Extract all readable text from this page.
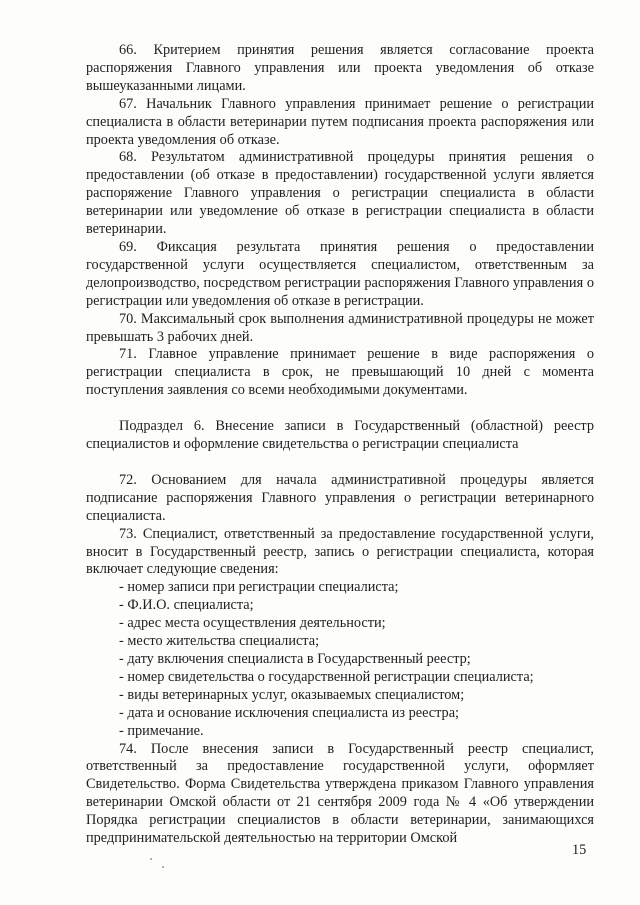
66. Критерием принятия решения является согласование проекта распоряжения Главного управления или проекта уведомления об отказе вышеуказанными лицами.

67. Начальник Главного управления принимает решение о регистрации специалиста в области ветеринарии путем подписания проекта распоряжения или проекта уведомления об отказе.

68. Результатом административной процедуры принятия решения о предоставлении (об отказе в предоставлении) государственной услуги является распоряжение Главного управления о регистрации специалиста в области ветеринарии или уведомление об отказе в регистрации специалиста в области ветеринарии.

69. Фиксация результата принятия решения о предоставлении государственной услуги осуществляется специалистом, ответственным за делопроизводство, посредством регистрации распоряжения Главного управления о регистрации или уведомления об отказе в регистрации.

70. Максимальный срок выполнения административной процедуры не может превышать 3 рабочих дней.

71. Главное управление принимает решение в виде распоряжения о регистрации специалиста в срок, не превышающий 10 дней с момента поступления заявления со всеми необходимыми документами.

Подраздел 6. Внесение записи в Государственный (областной) реестр специалистов и оформление свидетельства о регистрации специалиста

72. Основанием для начала административной процедуры является подписание распоряжения Главного управления о регистрации ветеринарного специалиста.

73. Специалист, ответственный за предоставление государственной услуги, вносит в Государственный реестр, запись о регистрации специалиста, которая включает следующие сведения:

- номер записи при регистрации специалиста;

- Ф.И.О. специалиста;

- адрес места осуществления деятельности;

- место жительства специалиста;

- дату включения специалиста в Государственный реестр;

- номер свидетельства о государственной регистрации специалиста;

- виды ветеринарных услуг, оказываемых специалистом;

- дата и основание исключения специалиста из реестра;

- примечание.

74. После внесения записи в Государственный реестр специалист, ответственный за предоставление государственной услуги, оформляет Свидетельство. Форма Свидетельства утверждена приказом Главного управления ветеринарии Омской области от 21 сентября 2009 года № 4 «Об утверждении Порядка регистрации специалистов в области ветеринарии, занимающихся предпринимательской деятельностью на территории Омской

15
